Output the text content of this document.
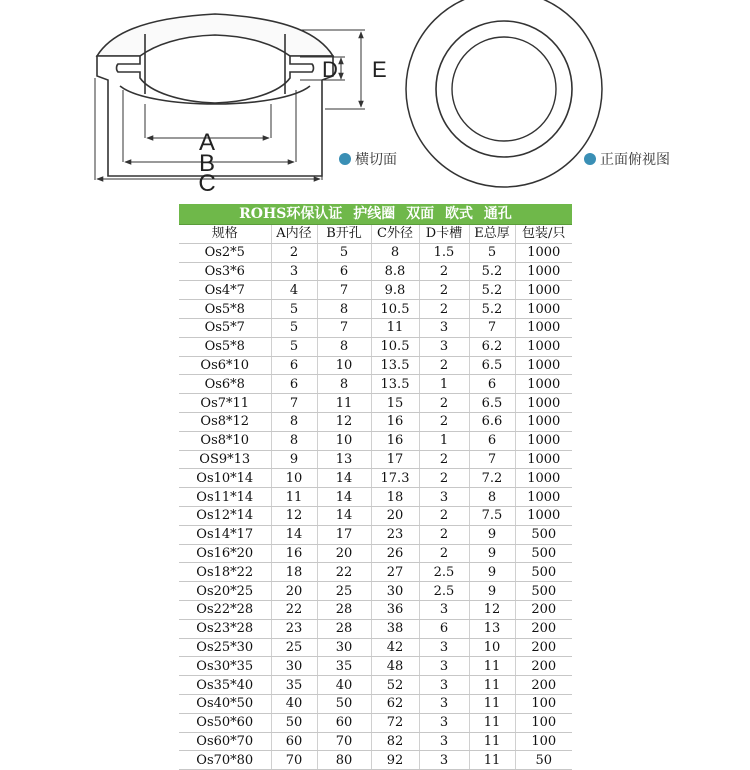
A
B
C
D E
横切面	正面俯视图
ROHS环保认证 护线圈 双面 欧式 通孔						
规格	A内径	B开孔	C外径	D卡槽	E总厚	包装/只
Os2*5	2	5	8	1.5	5	1000
Os3*6	3	6	8.8	2	5.2	1000
Os4*7	4	7	9.8	2	5.2	1000
Os5*8	5	8	10.5	2	5.2	1000
Os5*7	5	7	11	3	7	1000
Os5*8	5	8	10.5	3	6.2	1000
Os6*10	6	10	13.5	2	6.5	1000
Os6*8	6	8	13.5	1	6	1000
Os7*11	7	11	15	2	6.5	1000
Os8*12	8	12	16	2	6.6	1000
Os8*10	8	10	16	1	6	1000
OS9*13	9	13	17	2	7	1000
Os10*14	10	14	17.3	2	7.2	1000
Os11*14	11	14	18	3	8	1000
Os12*14	12	14	20	2	7.5	1000
Os14*17	14	17	23	2	9	500
Os16*20	16	20	26	2	9	500
Os18*22	18	22	27	2.5	9	500
Os20*25	20	25	30	2.5	9	500
Os22*28	22	28	36	3	12	200
Os23*28	23	28	38	6	13	200
Os25*30	25	30	42	3	10	200
Os30*35	30	35	48	3	11	200
Os35*40	35	40	52	3	11	200
Os40*50	40	50	62	3	11	100
Os50*60	50	60	72	3	11	100
Os60*70	60	70	82	3	11	100
Os70*80	70	80	92	3	11	50
